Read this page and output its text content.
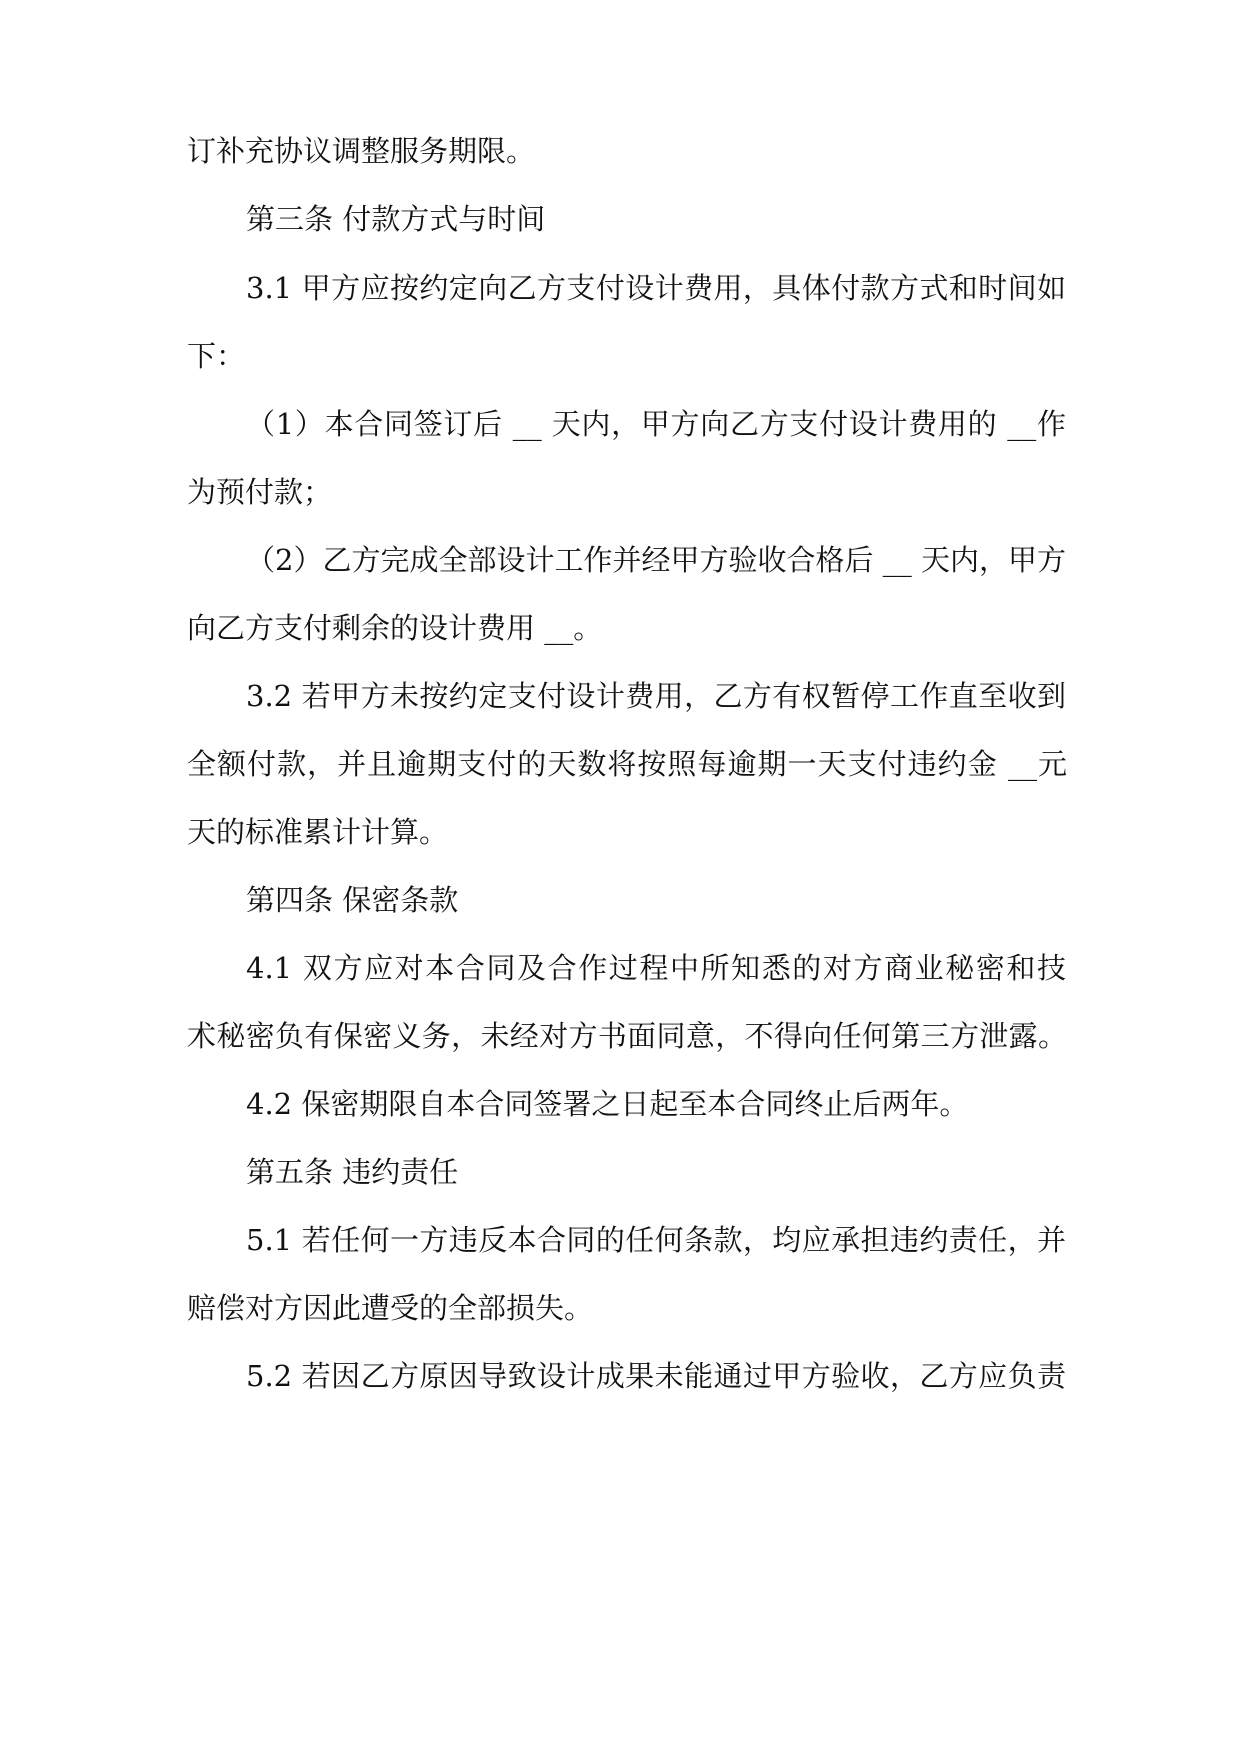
订补充协议调整服务期限。
第三条 付款方式与时间
3.1 甲方应按约定向乙方支付设计费用，具体付款方式和时间如
下：
（1）本合同签订后 __ 天内，甲方向乙方支付设计费用的 __作
为预付款；
（2）乙方完成全部设计工作并经甲方验收合格后 __ 天内，甲方
向乙方支付剩余的设计费用 __。
3.2 若甲方未按约定支付设计费用，乙方有权暂停工作直至收到
全额付款，并且逾期支付的天数将按照每逾期一天支付违约金 __元
天的标准累计计算。
第四条 保密条款
4.1 双方应对本合同及合作过程中所知悉的对方商业秘密和技
术秘密负有保密义务，未经对方书面同意，不得向任何第三方泄露。
4.2 保密期限自本合同签署之日起至本合同终止后两年。
第五条 违约责任
5.1 若任何一方违反本合同的任何条款，均应承担违约责任，并
赔偿对方因此遭受的全部损失。
5.2 若因乙方原因导致设计成果未能通过甲方验收，乙方应负责
